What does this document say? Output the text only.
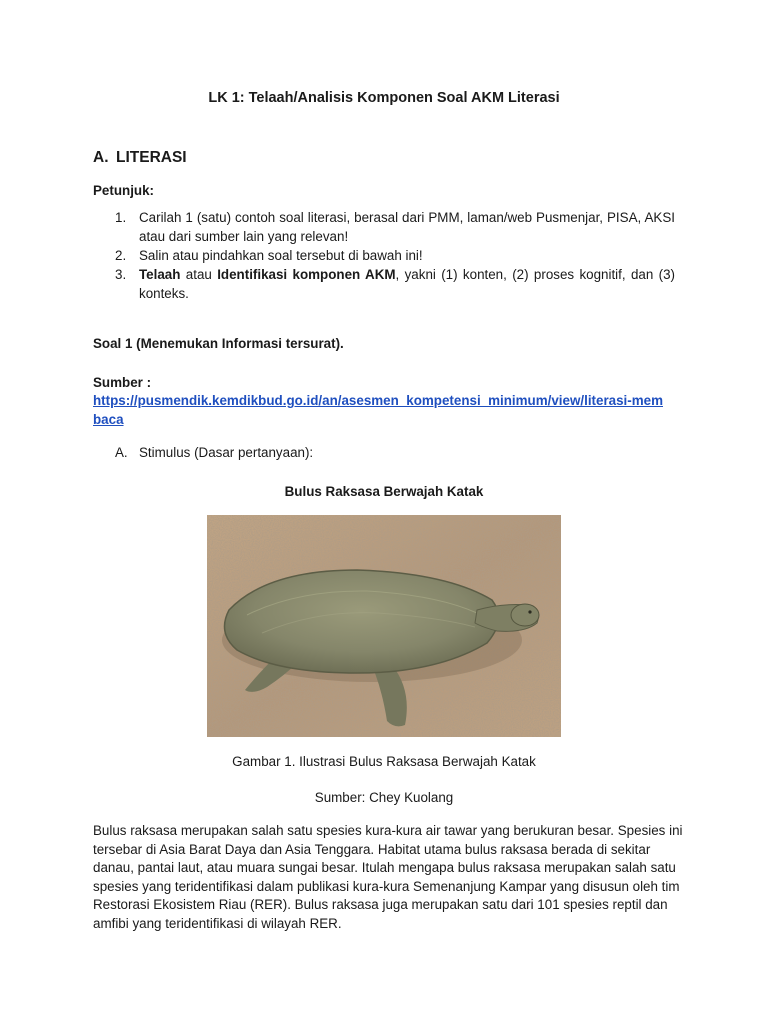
LK 1: Telaah/Analisis Komponen Soal AKM Literasi
A. LITERASI
Petunjuk:
1. Carilah 1 (satu) contoh soal literasi, berasal dari PMM, laman/web Pusmenjar, PISA, AKSI atau dari sumber lain yang relevan!
2. Salin atau pindahkan soal tersebut di bawah ini!
3. Telaah atau Identifikasi komponen AKM, yakni (1) konten, (2) proses kognitif, dan (3) konteks.
Soal 1 (Menemukan Informasi tersurat).
Sumber :
https://pusmendik.kemdikbud.go.id/an/asesmen_kompetensi_minimum/view/literasi-membaca
A. Stimulus (Dasar pertanyaan):
Bulus Raksasa Berwajah Katak
Gambar 1. Ilustrasi Bulus Raksasa Berwajah Katak
Sumber: Chey Kuolang
Bulus raksasa merupakan salah satu spesies kura-kura air tawar yang berukuran besar. Spesies ini tersebar di Asia Barat Daya dan Asia Tenggara. Habitat utama bulus raksasa berada di sekitar danau, pantai laut, atau muara sungai besar. Itulah mengapa bulus raksasa merupakan salah satu spesies yang teridentifikasi dalam publikasi kura-kura Semenanjung Kampar yang disusun oleh tim Restorasi Ekosistem Riau (RER). Bulus raksasa juga merupakan satu dari 101 spesies reptil dan amfibi yang teridentifikasi di wilayah RER.
